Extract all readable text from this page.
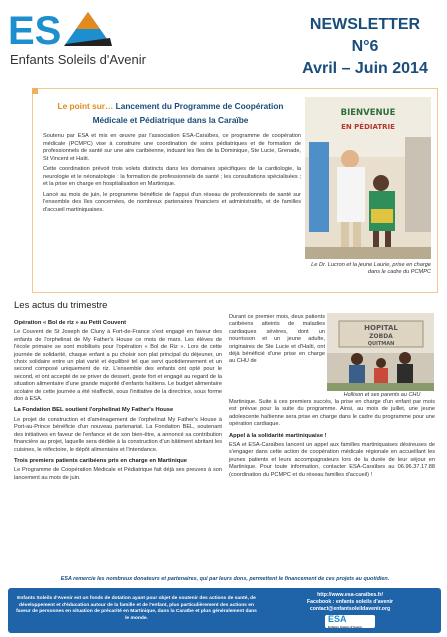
ES
Enfants Soleils d'Avenir
NEWSLETTER N°6
Avril – Juin 2014
Le point sur… Lancement du Programme de Coopération Médicale et Pédiatrique dans la Caraïbe

Soutenu par ESA et mis en œuvre par l'association ESA-Caraïbes, ce programme de coopération médicale (PCMPC) vise à construire une coordination de soins pédiatriques et de formation de professionnels de santé sur une aire caribéenne, induant les îles de la Dominique, Ste Lucie, Grenade, St Vincent et Haïti.

Cette coordination prévoit trois volets distincts dans les domaines spécifiques de la cardiologie, la neurologie et le néonatologie : la formation de professionnels de santé ; les consultations spécialisées ; et la prise en charge en hospitalisation en Martinique.

Lancé au mois de juin, le programme bénéficie de l'appui d'un réseau de professionnels de santé sur l'ensemble des îles concernées, de nombreux partenaires financiers et administratifs, et de familles d'accueil martiniquaises.

BIENVENUE
EN PÉDIATRIE
Le Dr. Lucron et la jeune Laurie, prise en charge dans le cadre du PCMPC
Les actus du trimestre
Opération « Bol de riz » au Petit Couvent

Le Couvent de St Joseph de Cluny à Fort-de-France s'est engagé en faveur des enfants de l'orphelinat de My Father's House ce mois de mars. Les élèves de l'école primaire se sont mobilisés pour l'opération « Bol de Riz ». Lors de cette journée de solidarité, chaque enfant a pu choisir son plat principal du déjeuner, un choix solidaire entre un plat varié et équilibré tel que servi quotidiennement et un second composé uniquement de riz. L'ensemble des enfants ont opté pour le second, et ont accepté de se priver de dessert, geste fort et engagé au regard de la situation alimentaire d'une grande majorité d'enfants haïtiens. Le budget alimentaire scolaire de cette journée a été réaffecté, sous l'initiative de la directrice, sous forme don à ESA.

La Fondation BEL soutient l'orphelinat My Father's House

Le projet de construction et d'aménagement de l'orphelinat My Father's House à Port-au-Prince bénéficie d'un nouveau partenariat. La Fondation BEL, soutenant des initiatives en faveur de l'enfance et de son bien-être, a annoncé sa contribution financière au projet, laquelle sera dédiée à la construction d'un bâtiment abritant les cuisines, le réfectoire, le dépôt alimentaire et l'intendance.

Trois premiers patients caribéens pris en charge en Martinique

Le Programme de Coopération Médicale et Pédiatrique fait déjà ses preuves à son lancement au mois de juin.

Durant ce premier mois, deux patients caribéens atteints de maladies cardiaques sévères, dont un nourrisson et un jeune adulte, originaires de Ste Lucie et d'Haïti, ont déjà bénéficié d'une prise en charge au CHU de
HOPITAL
ZOBDA
QUITMAN
Hollison et ses parents au CHU

Martinique. Suite à ces premiers succès, la prise en charge d'un enfant par mois est prévue pour la suite du programme. Ainsi, au mois de juillet, une jeune adolescente haïtienne sera prise en charge dans le cadre du programme pour une opération cardiaque.

Appel à la solidarité martiniquaise !

ESA et ESA-Caraïbes lancent un appel aux familles martiniquaises désireuses de s'engager dans cette action de coopération médicale régionale en accueillant les jeunes patients et leurs accompagnateurs lors de la durée de leur séjour en Martinique. Pour toute information, contacter ESA-Caraïbes au 06.96.37.17.88 (coordination du PCMPC et du réseau familles d'accueil) !

ESA remercie les nombreux donateurs et partenaires, qui par leurs dons, permettent le financement de ces projets au quotidien.
Enfants Soleils d'Avenir est un fonds de dotation ayant pour objet de soutenir des actions de santé, de développement et d'éducation autour de la famille et de l'enfant, plus particulièrement des actions en faveur de personnes en situation de précarité en Martinique, dans la Caraïbe et plus généralement dans le monde.
http://www.esa-caraibes.fr/
Facebook : enfants soleils d'avenir
contact@enfantsoleildavenir.org
ESA
Enfants Soleils d'Avenir
